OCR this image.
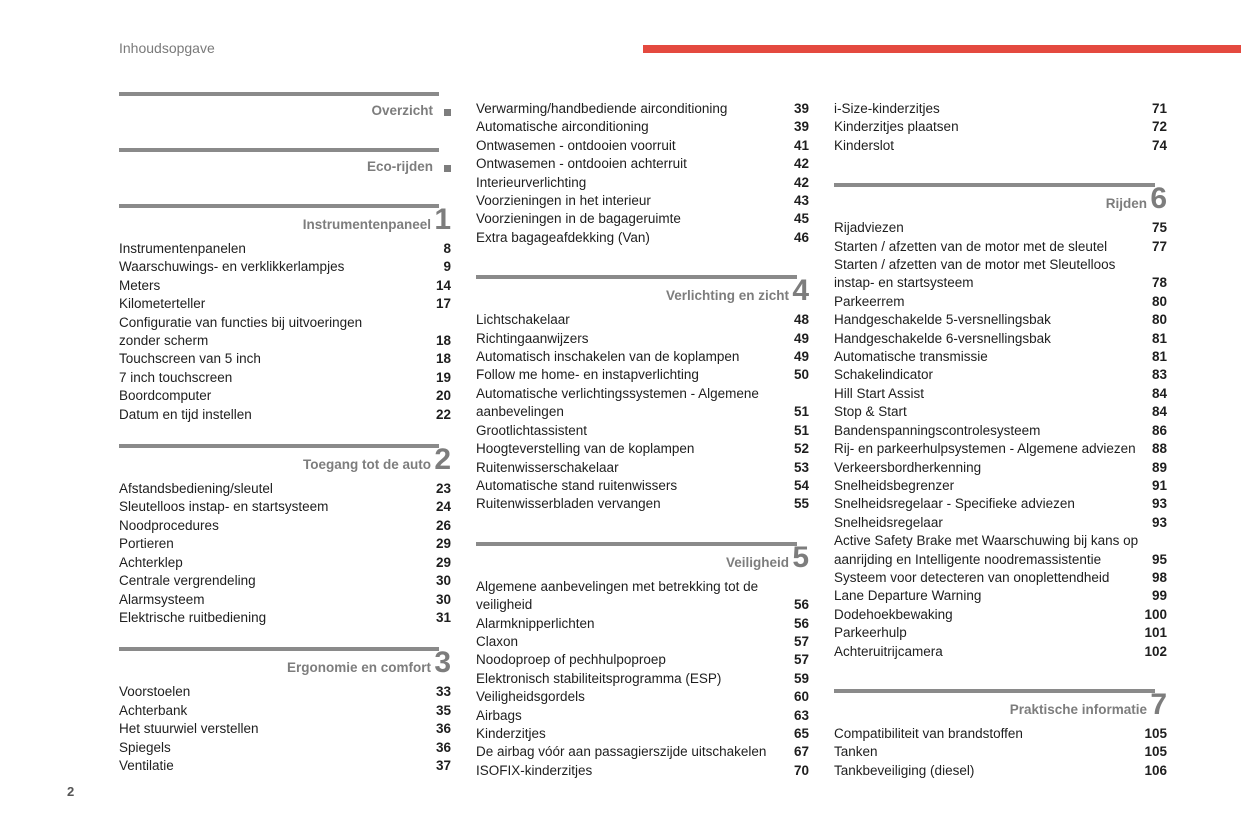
Inhoudsopgave
2
Overzicht
Eco-rijden
Instrumentenpaneel 1
Instrumentenpanelen	8
Waarschuwings- en verklikkerlampjes	9
Meters	14
Kilometerteller	17
Configuratie van functies bij uitvoeringen
zonder scherm	18
Touchscreen van 5 inch	18
7 inch touchscreen	19
Boordcomputer	20
Datum en tijd instellen	22
Toegang tot de auto 2
Afstandsbediening/sleutel	23
Sleutelloos instap- en startsysteem	24
Noodprocedures	26
Portieren	29
Achterklep	29
Centrale vergrendeling	30
Alarmsysteem	30
Elektrische ruitbediening	31
Ergonomie en comfort 3
Voorstoelen	33
Achterbank	35
Het stuurwiel verstellen	36
Spiegels	36
Ventilatie	37
Verwarming/handbediende airconditioning	39
Automatische airconditioning	39
Ontwasemen - ontdooien voorruit	41
Ontwasemen - ontdooien achterruit	42
Interieurverlichting	42
Voorzieningen in het interieur	43
Voorzieningen in de bagageruimte	45
Extra bagageafdekking (Van)	46
Verlichting en zicht 4
Lichtschakelaar	48
Richtingaanwijzers	49
Automatisch inschakelen van de koplampen	49
Follow me home- en instapverlichting	50
Automatische verlichtingssystemen - Algemene
aanbevelingen	51
Grootlichtassistent	51
Hoogteverstelling van de koplampen	52
Ruitenwisserschakelaar	53
Automatische stand ruitenwissers	54
Ruitenwisserbladen vervangen	55
Veiligheid 5
Algemene aanbevelingen met betrekking tot de
veiligheid	56
Alarmknipperlichten	56
Claxon	57
Noodoproep of pechhulpoproep	57
Elektronisch stabiliteitsprogramma (ESP)	59
Veiligheidsgordels	60
Airbags	63
Kinderzitjes	65
De airbag vóór aan passagierszijde uitschakelen	67
ISOFIX-kinderzitjes	70
i-Size-kinderzitjes	71
Kinderzitjes plaatsen	72
Kinderslot	74
Rijden 6
Rijadviezen	75
Starten / afzetten van de motor met de sleutel	77
Starten / afzetten van de motor met Sleutelloos
instap- en startsysteem	78
Parkeerrem	80
Handgeschakelde 5-versnellingsbak	80
Handgeschakelde 6-versnellingsbak	81
Automatische transmissie	81
Schakelindicator	83
Hill Start Assist	84
Stop & Start	84
Bandenspanningscontrolesysteem	86
Rij- en parkeerhulpsystemen - Algemene adviezen	88
Verkeersbordherkenning	89
Snelheidsbegrenzer	91
Snelheidsregelaar - Specifieke adviezen	93
Snelheidsregelaar	93
Active Safety Brake met Waarschuwing bij kans op
aanrijding en Intelligente noodremassistentie	95
Systeem voor detecteren van onoplettendheid	98
Lane Departure Warning	99
Dodehoekbewaking	100
Parkeerhulp	101
Achteruitrijcamera	102
Praktische informatie 7
Compatibiliteit van brandstoffen	105
Tanken	105
Tankbeveiliging (diesel)	106
